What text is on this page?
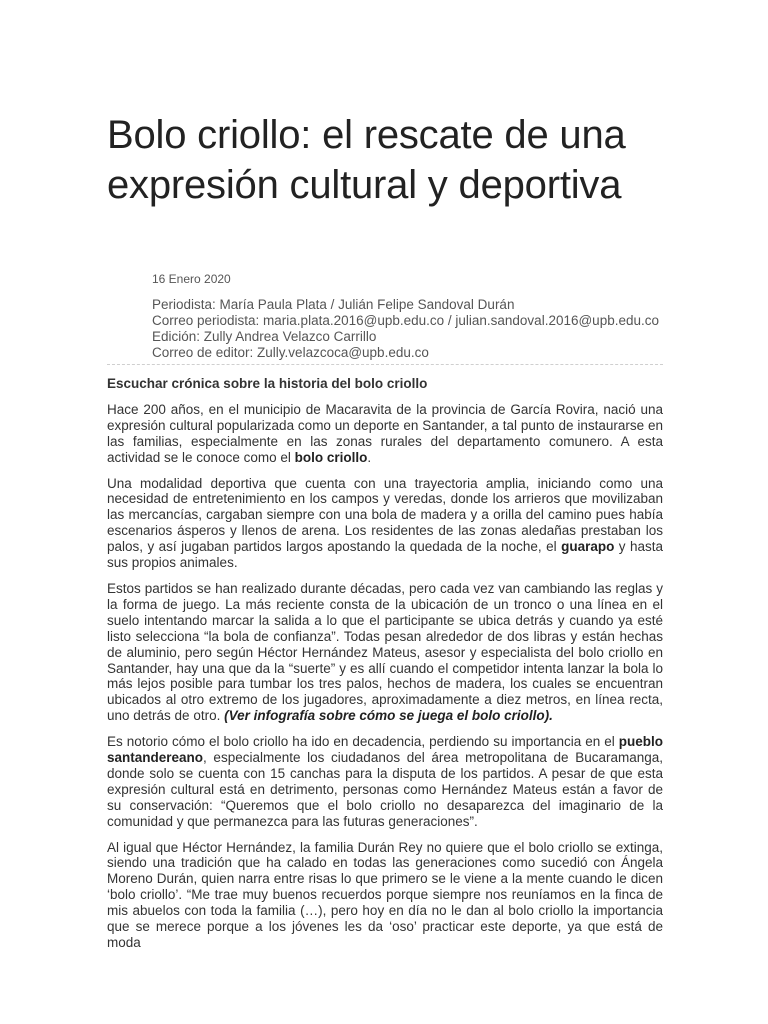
Bolo criollo: el rescate de una expresión cultural y deportiva
16 Enero 2020
Periodista: María Paula Plata / Julián Felipe Sandoval Durán
Correo periodista: maria.plata.2016@upb.edu.co / julian.sandoval.2016@upb.edu.co
Edición: Zully Andrea Velazco Carrillo
Correo de editor: Zully.velazcoca@upb.edu.co
Escuchar crónica sobre la historia del bolo criollo

Hace 200 años, en el municipio de Macaravita de la provincia de García Rovira, nació una expresión cultural popularizada como un deporte en Santander, a tal punto de instaurarse en las familias, especialmente en las zonas rurales del departamento comunero. A esta actividad se le conoce como el bolo criollo.

Una modalidad deportiva que cuenta con una trayectoria amplia, iniciando como una necesidad de entretenimiento en los campos y veredas, donde los arrieros que movilizaban las mercancías, cargaban siempre con una bola de madera y a orilla del camino pues había escenarios ásperos y llenos de arena. Los residentes de las zonas aledañas prestaban los palos, y así jugaban partidos largos apostando la quedada de la noche, el guarapo y hasta sus propios animales.

Estos partidos se han realizado durante décadas, pero cada vez van cambiando las reglas y la forma de juego. La más reciente consta de la ubicación de un tronco o una línea en el suelo intentando marcar la salida a lo que el participante se ubica detrás y cuando ya esté listo selecciona “la bola de confianza”. Todas pesan alrededor de dos libras y están hechas de aluminio, pero según Héctor Hernández Mateus, asesor y especialista del bolo criollo en Santander, hay una que da la “suerte” y es allí cuando el competidor intenta lanzar la bola lo más lejos posible para tumbar los tres palos, hechos de madera, los cuales se encuentran ubicados al otro extremo de los jugadores, aproximadamente a diez metros, en línea recta, uno detrás de otro. (Ver infografía sobre cómo se juega el bolo criollo).

Es notorio cómo el bolo criollo ha ido en decadencia, perdiendo su importancia en el pueblo santandereano, especialmente los ciudadanos del área metropolitana de Bucaramanga, donde solo se cuenta con 15 canchas para la disputa de los partidos. A pesar de que esta expresión cultural está en detrimento, personas como Hernández Mateus están a favor de su conservación: “Queremos que el bolo criollo no desaparezca del imaginario de la comunidad y que permanezca para las futuras generaciones”.

Al igual que Héctor Hernández, la familia Durán Rey no quiere que el bolo criollo se extinga, siendo una tradición que ha calado en todas las generaciones como sucedió con Ángela Moreno Durán, quien narra entre risas lo que primero se le viene a la mente cuando le dicen ‘bolo criollo’. “Me trae muy buenos recuerdos porque siempre nos reuníamos en la finca de mis abuelos con toda la familia (…), pero hoy en día no le dan al bolo criollo la importancia que se merece porque a los jóvenes les da ‘oso’ practicar este deporte, ya que está de moda
